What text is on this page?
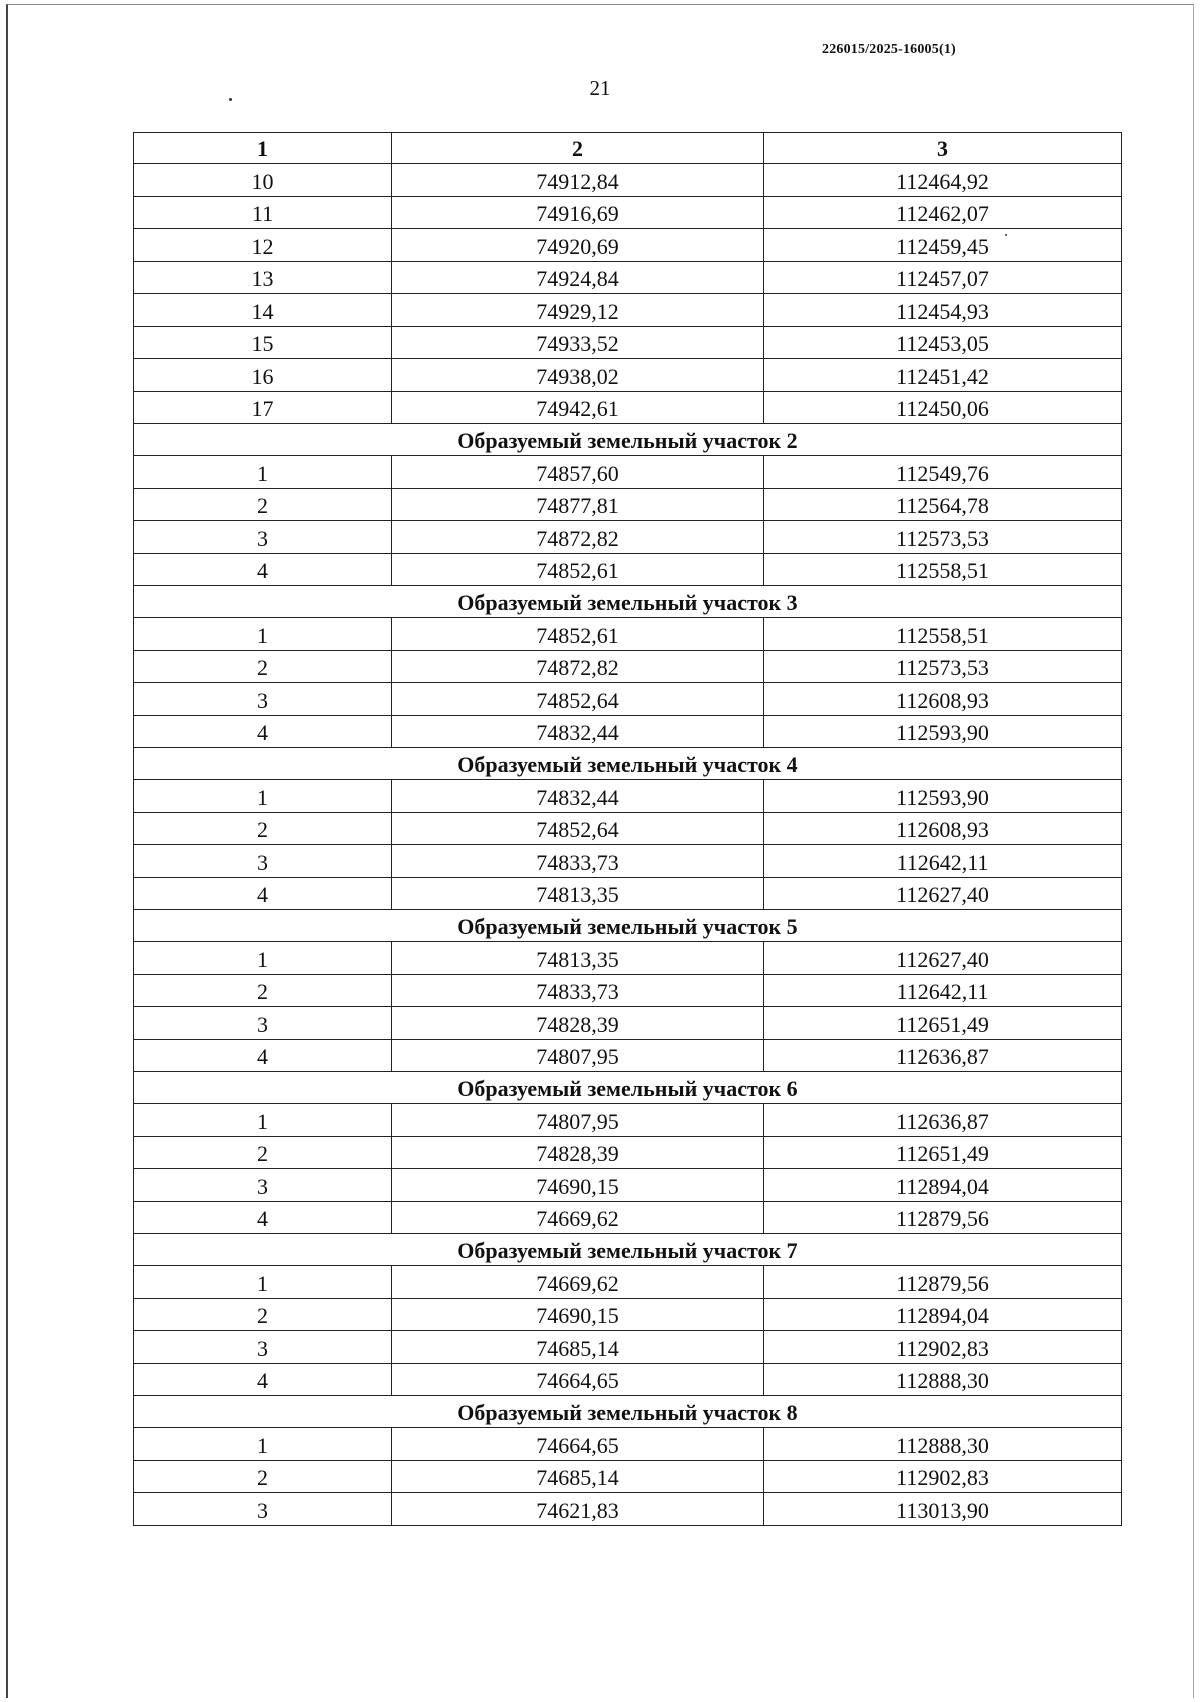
226015/2025-16005(1)
21
1	2	3
10	74912,84	112464,92
11	74916,69	112462,07
12	74920,69	112459,45
13	74924,84	112457,07
14	74929,12	112454,93
15	74933,52	112453,05
16	74938,02	112451,42
17	74942,61	112450,06
Образуемый земельный участок 2		
1	74857,60	112549,76
2	74877,81	112564,78
3	74872,82	112573,53
4	74852,61	112558,51
Образуемый земельный участок 3		
1	74852,61	112558,51
2	74872,82	112573,53
3	74852,64	112608,93
4	74832,44	112593,90
Образуемый земельный участок 4		
1	74832,44	112593,90
2	74852,64	112608,93
3	74833,73	112642,11
4	74813,35	112627,40
Образуемый земельный участок 5		
1	74813,35	112627,40
2	74833,73	112642,11
3	74828,39	112651,49
4	74807,95	112636,87
Образуемый земельный участок 6		
1	74807,95	112636,87
2	74828,39	112651,49
3	74690,15	112894,04
4	74669,62	112879,56
Образуемый земельный участок 7		
1	74669,62	112879,56
2	74690,15	112894,04
3	74685,14	112902,83
4	74664,65	112888,30
Образуемый земельный участок 8		
1	74664,65	112888,30
2	74685,14	112902,83
3	74621,83	113013,90
